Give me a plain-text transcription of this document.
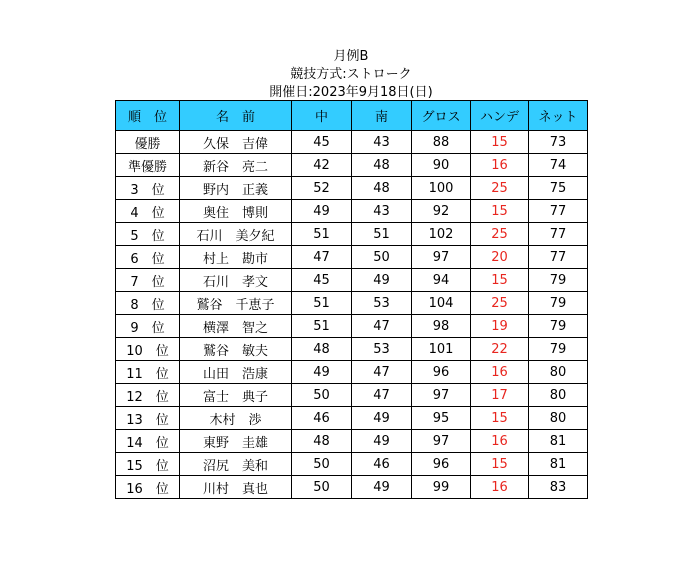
月例B
競技方式:ストローク
開催日:2023年9月18日(日)
順　位	名　前	中	南	グロス	ハンデ	ネット
優勝	久保　吉偉	45	43	88	15	73
準優勝	新谷　亮二	42	48	90	16	74
3　位	野内　正義	52	48	100	25	75
4　位	奥住　博則	49	43	92	15	77
5　位	石川　美夕紀	51	51	102	25	77
6　位	村上　勘市	47	50	97	20	77
7　位	石川　孝文	45	49	94	15	79
8　位	鷲谷　千恵子	51	53	104	25	79
9　位	横澤　智之	51	47	98	19	79
10　位	鷲谷　敏夫	48	53	101	22	79
11　位	山田　浩康	49	47	96	16	80
12　位	富士　典子	50	47	97	17	80
13　位	木村　渉	46	49	95	15	80
14　位	東野　圭雄	48	49	97	16	81
15　位	沼尻　美和	50	46	96	15	81
16　位	川村　真也	50	49	99	16	83
